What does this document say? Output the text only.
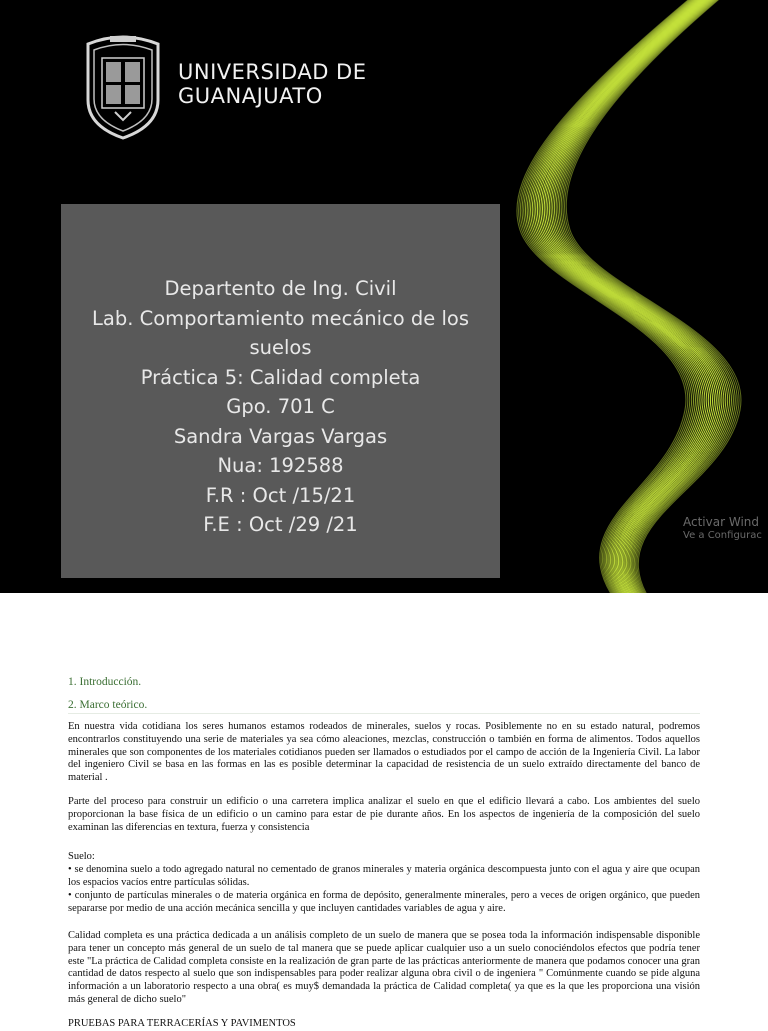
UNIVERSIDAD DE
GUANAJUATO
Departento de Ing. Civil
Lab. Comportamiento mecánico de los
suelos
Práctica 5: Calidad completa
Gpo. 701 C
Sandra Vargas Vargas
Nua: 192588
F.R : Oct /15/21
F.E : Oct /29 /21	Activar Wind
Ve a Configurac
1. Introducción.
2. Marco teórico.
En nuestra vida cotidiana los seres humanos estamos rodeados de minerales, suelos y rocas. Posiblemente no en su estado natural, podremos encontrarlos constituyendo una serie de materiales ya sea cómo aleaciones, mezclas, construcción o también en forma de alimentos. Todos aquellos minerales que son componentes de los materiales cotidianos pueden ser llamados o estudiados por el campo de acción de la Ingeniería Civil. La labor del ingeniero Civil se basa en las formas en las es posible determinar la capacidad de resistencia de un suelo extraído directamente del banco de material .
Parte del proceso para construir un edificio o una carretera implica analizar el suelo en que el edificio llevará a cabo. Los ambientes del suelo proporcionan la base física de un edificio o un camino para estar de pie durante años. En los aspectos de ingeniería de la composición del suelo examinan las diferencias en textura, fuerza y consistencia
Suelo:
• se denomina suelo a todo agregado natural no cementado de granos minerales y materia orgánica descompuesta junto con el agua y aire que ocupan los espacios vacíos entre partículas sólidas.
• conjunto de partículas minerales o de materia orgánica en forma de depósito, generalmente minerales, pero a veces de origen orgánico, que pueden separarse por medio de una acción mecánica sencilla y que incluyen cantidades variables de agua y aire.
Calidad completa es una práctica dedicada a un análisis completo de un suelo de manera que se posea toda la información indispensable disponible para tener un concepto más general de un suelo de tal manera que se puede aplicar cualquier uso a un suelo conociéndolos efectos que podría tener este "La práctica de Calidad completa consiste en la realización de gran parte de las prácticas anteriormente de manera que podamos conocer una gran cantidad de datos respecto al suelo que son indispensables para poder realizar alguna obra civil o de ingeniera " Comúnmente cuando se pide alguna información a un laboratorio respecto a una obra( es muy$ demandada la práctica de Calidad completa( ya que es la que les proporciona una visión más general de dicho suelo"
PRUEBAS PARA TERRACERÍAS Y PAVIMENTOS
